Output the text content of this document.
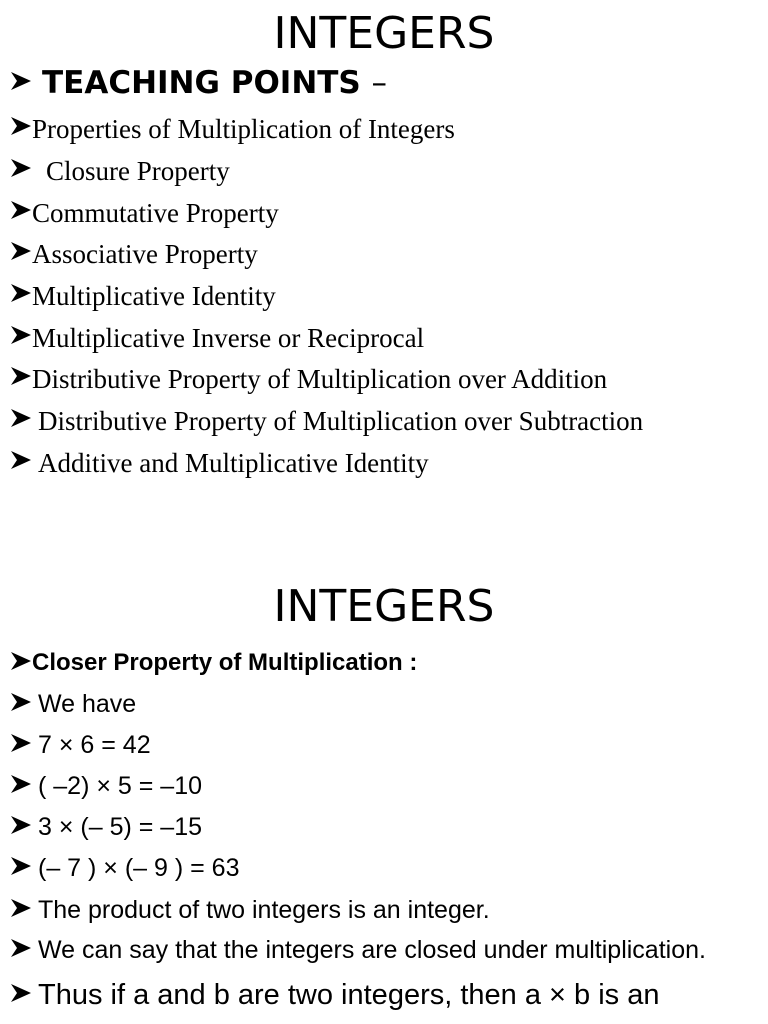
INTEGERS
TEACHING POINTS –
Properties of Multiplication of Integers
Closure Property
Commutative Property
Associative Property
Multiplicative Identity
Multiplicative Inverse or Reciprocal
Distributive Property of Multiplication over Addition
Distributive Property of Multiplication over Subtraction
Additive and Multiplicative Identity
INTEGERS
Closer Property of Multiplication :
We have
7 × 6 = 42
( –2) × 5 = –10
3 × (– 5) = –15
(– 7 ) × (– 9 ) = 63
The product of two integers is an integer.
We can say that the integers are closed under multiplication.
Thus if a and b are two integers, then a × b is an
